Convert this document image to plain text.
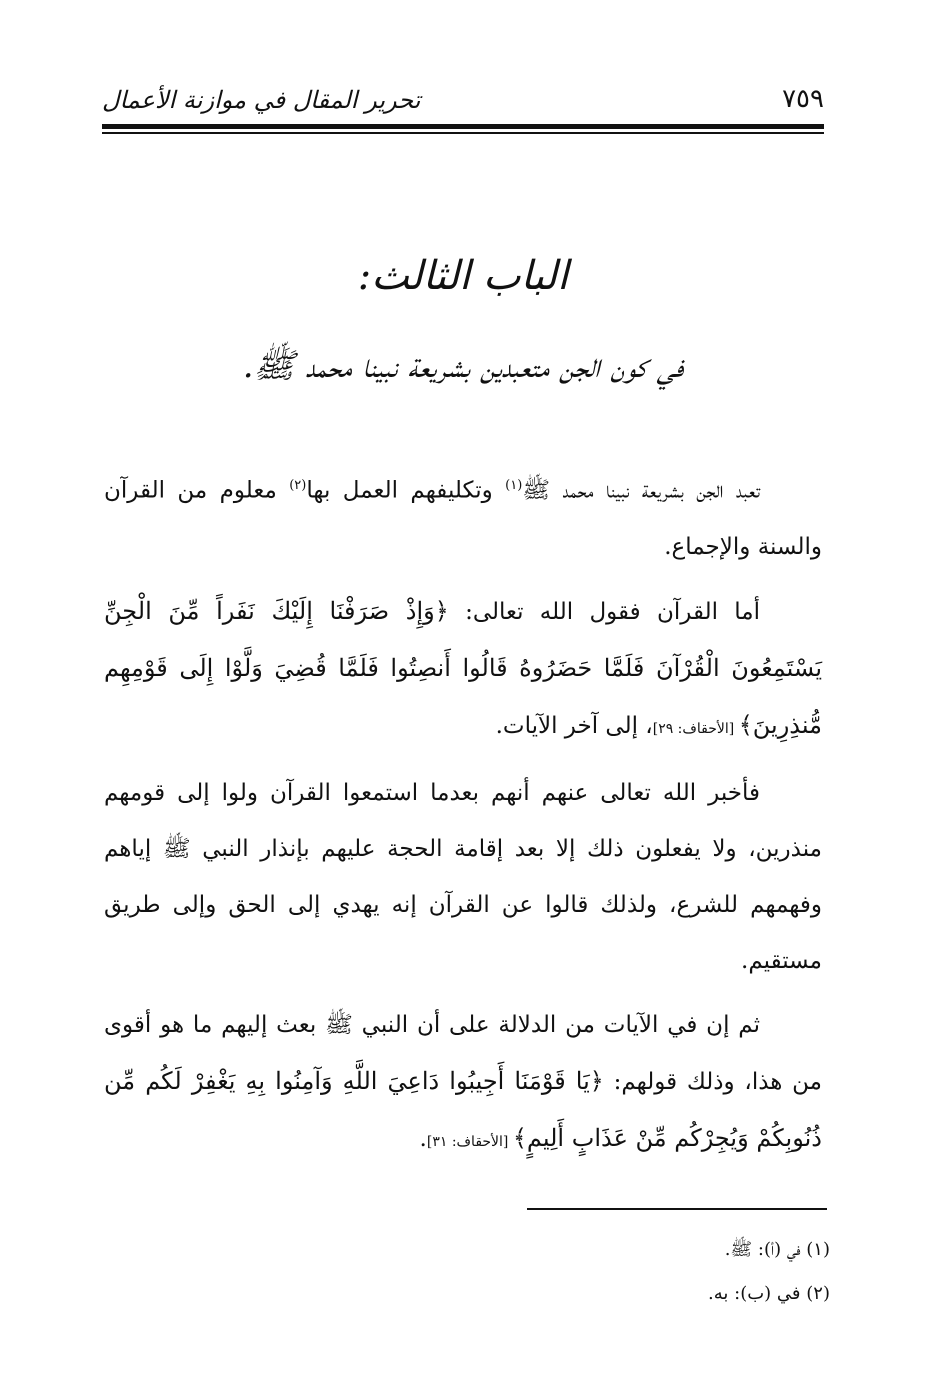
٧٥٩
تحرير المقال في موازنة الأعمال
الباب الثالث:
في كون الجن متعبدين بشريعة نبينا محمد ﷺ.

تعبد الجن بشريعة نبينا محمد ﷺ$^{(١)}$ وتكليفهم العمل بها$^{(٢)}$ معلوم من القرآن والسنة والإجماع.

أما القرآن فقول الله تعالى: ﴿وَإِذْ صَرَفْنَا إِلَيْكَ نَفَراً مِّنَ الْجِنِّ يَسْتَمِعُونَ الْقُرْآنَ فَلَمَّا حَضَرُوهُ قَالُوا أَنصِتُوا فَلَمَّا قُضِيَ وَلَّوْا إِلَى قَوْمِهِم مُّنذِرِينَ﴾ [الأحقاف: ٢٩]، إلى آخر الآيات.

فأخبر الله تعالى عنهم أنهم بعدما استمعوا القرآن ولوا إلى قومهم منذرين، ولا يفعلون ذلك إلا بعد إقامة الحجة عليهم بإنذار النبي ﷺ إياهم وفهمهم للشرع، ولذلك قالوا عن القرآن إنه يهدي إلى الحق وإلى طريق مستقيم.

ثم إن في الآيات من الدلالة على أن النبي ﷺ بعث إليهم ما هو أقوى من هذا، وذلك قولهم: ﴿يَا قَوْمَنَا أَجِيبُوا دَاعِيَ اللَّهِ وَآمِنُوا بِهِ يَغْفِرْ لَكُم مِّن ذُنُوبِكُمْ وَيُجِرْكُم مِّنْ عَذَابٍ أَلِيمٍ﴾ [الأحقاف: ٣١].

(١) في (أ): ﷺ.

(٢) في (ب): به.
